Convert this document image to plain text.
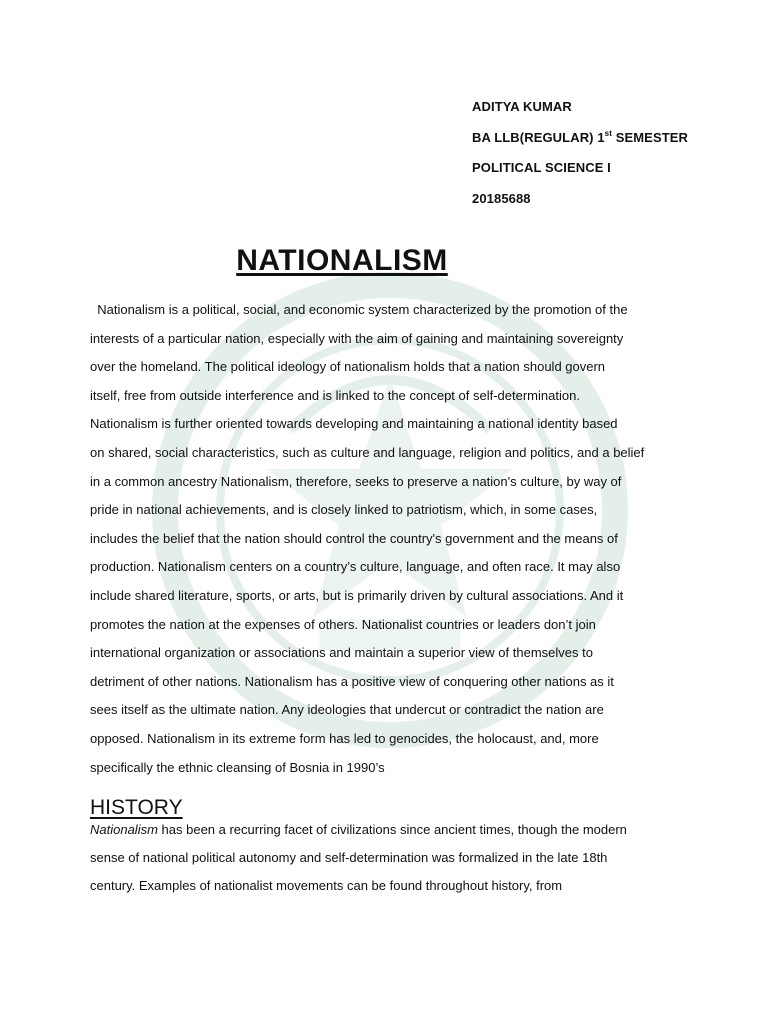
ADITYA KUMAR
BA LLB(REGULAR) 1st SEMESTER
POLITICAL SCIENCE I
20185688
NATIONALISM
Nationalism is a political, social, and economic system characterized by the promotion of the
interests of a particular nation, especially with the aim of gaining and maintaining sovereignty
over the homeland. The political ideology of nationalism holds that a nation should govern
itself, free from outside interference and is linked to the concept of self-determination.
Nationalism is further oriented towards developing and maintaining a national identity based
on shared, social characteristics, such as culture and language, religion and politics, and a belief
in a common ancestry Nationalism, therefore, seeks to preserve a nation's culture, by way of
pride in national achievements, and is closely linked to patriotism, which, in some cases,
includes the belief that the nation should control the country's government and the means of
production. Nationalism centers on a country’s culture, language, and often race. It may also
include shared literature, sports, or arts, but is primarily driven by cultural associations. And it
promotes the nation at the expenses of others. Nationalist countries or leaders don’t join
international organization or associations and maintain a superior view of themselves to
detriment of other nations. Nationalism has a positive view of conquering other nations as it
sees itself as the ultimate nation. Any ideologies that undercut or contradict the nation are
opposed. Nationalism in its extreme form has led to genocides, the holocaust, and, more
specifically the ethnic cleansing of Bosnia in 1990’s
HISTORY
Nationalism has been a recurring facet of civilizations since ancient times, though the modern
sense of national political autonomy and self-determination was formalized in the late 18th
century. Examples of nationalist movements can be found throughout history, from
